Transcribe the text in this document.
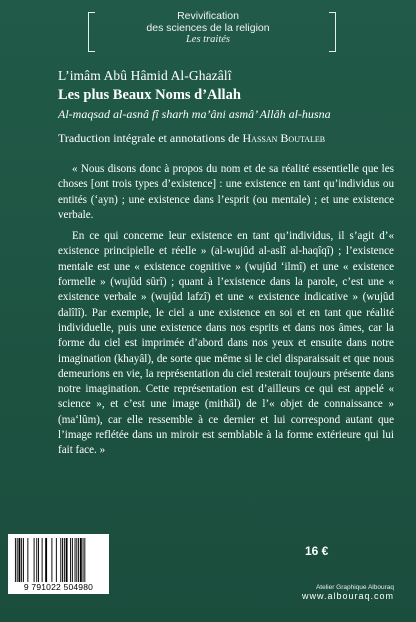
Revivification
des sciences de la religion
Les traités
L’imâm Abû Hâmid Al-Ghazâlî
Les plus Beaux Noms d’Allah
Al-maqsad al-asnâ fî sharh ma’âni asmâ’ Allâh al-husna
Traduction intégrale et annotations de Hassan Boutaleb

« Nous disons donc à propos du nom et de sa réalité essentielle que les choses [ont trois types d’existence] : une existence en tant qu’individus ou entités (‘ayn) ; une existence dans l’esprit (ou mentale) ; et une existence verbale.

En ce qui concerne leur existence en tant qu’individus, il s’agit d’« existence principielle et réelle » (al-wujûd al-aslî al-haqîqî) ; l’existence mentale est une « existence cognitive » (wujûd ‘ilmî) et une « existence formelle » (wujûd sûrî) ; quant à l’existence dans la parole, c’est une « existence verbale » (wujûd lafzî) et une « existence indicative » (wujûd dalîlî). Par exemple, le ciel a une existence en soi et en tant que réalité individuelle, puis une existence dans nos esprits et dans nos âmes, car la forme du ciel est imprimée d’abord dans nos yeux et ensuite dans notre imagination (khayâl), de sorte que même si le ciel disparaissait et que nous demeurions en vie, la représentation du ciel resterait toujours présente dans notre imagination. Cette représentation est d’ailleurs ce qui est appelé « science », et c’est une image (mithâl) de l’« objet de connaissance » (ma‘lûm), car elle ressemble à ce dernier et lui correspond autant que l’image reflétée dans un miroir est semblable à la forme extérieure qui lui fait face. »

16 €
9 791022 504980	Atelier Graphique Albouraq
www.albouraq.com
